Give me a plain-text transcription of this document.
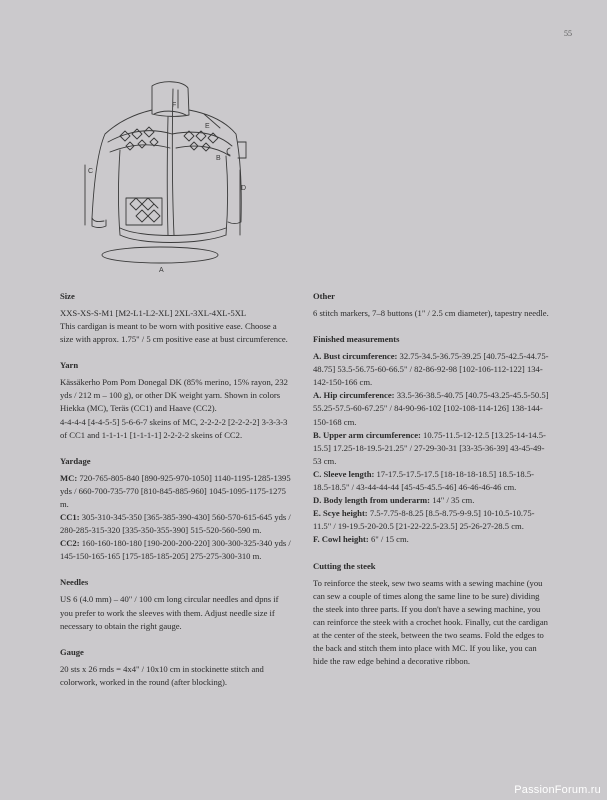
55
F
E
B
C
D
A
Size

XXS-XS-S-M1 [M2-L1-L2-XL] 2XL-3XL-4XL-5XL

This cardigan is meant to be worn with positive ease. Choose a size with approx. 1.75" / 5 cm positive ease at bust circumference.

Yarn

Kässäkerho Pom Pom Donegal DK (85% merino, 15% rayon, 232 yds / 212 m – 100 g), or other DK weight yarn. Shown in colors Hiekka (MC), Teräs (CC1) and Haave (CC2).

4-4-4-4 [4-4-5-5] 5-6-6-7 skeins of MC, 2-2-2-2 [2-2-2-2] 3-3-3-3 of CC1 and 1-1-1-1 [1-1-1-1] 2-2-2-2 skeins of CC2.

Yardage

MC: 720-765-805-840 [890-925-970-1050] 1140-1195-1285-1395 yds / 660-700-735-770 [810-845-885-960] 1045-1095-1175-1275 m.

CC1: 305-310-345-350 [365-385-390-430] 560-570-615-645 yds / 280-285-315-320 [335-350-355-390] 515-520-560-590 m.

CC2: 160-160-180-180 [190-200-200-220] 300-300-325-340 yds / 145-150-165-165 [175-185-185-205] 275-275-300-310 m.

Needles

US 6 (4.0 mm) – 40" / 100 cm long circular needles and dpns if you prefer to work the sleeves with them. Adjust needle size if necessary to obtain the right gauge.

Gauge

20 sts x 26 rnds = 4x4" / 10x10 cm in stockinette stitch and colorwork, worked in the round (after blocking).

Other

6 stitch markers, 7–8 buttons (1" / 2.5 cm diameter), tapestry needle.

Finished measurements

A. Bust circumference: 32.75-34.5-36.75-39.25 [40.75-42.5-44.75-48.75] 53.5-56.75-60-66.5" / 82-86-92-98 [102-106-112-122] 134-142-150-166 cm.

A. Hip circumference: 33.5-36-38.5-40.75 [40.75-43.25-45.5-50.5] 55.25-57.5-60-67.25" / 84-90-96-102 [102-108-114-126] 138-144-150-168 cm.

B. Upper arm circumference: 10.75-11.5-12-12.5 [13.25-14-14.5-15.5] 17.25-18-19.5-21.25" / 27-29-30-31 [33-35-36-39] 43-45-49-53 cm.

C. Sleeve length: 17-17.5-17.5-17.5 [18-18-18-18.5] 18.5-18.5-18.5-18.5" / 43-44-44-44 [45-45-45.5-46] 46-46-46-46 cm.

D. Body length from underarm: 14" / 35 cm.

E. Scye height: 7.5-7.75-8-8.25 [8.5-8.75-9-9.5] 10-10.5-10.75-11.5" / 19-19.5-20-20.5 [21-22-22.5-23.5] 25-26-27-28.5 cm.

F. Cowl height: 6" / 15 cm.

Cutting the steek

To reinforce the steek, sew two seams with a sewing machine (you can sew a couple of times along the same line to be sure) dividing the steek into three parts. If you don't have a sewing machine, you can reinforce the steek with a crochet hook. Finally, cut the cardigan at the center of the steek, between the two seams. Fold the edges to the back and stitch them into place with MC. If you like, you can hide the raw edge behind a decorative ribbon.

PassionForum.ru
